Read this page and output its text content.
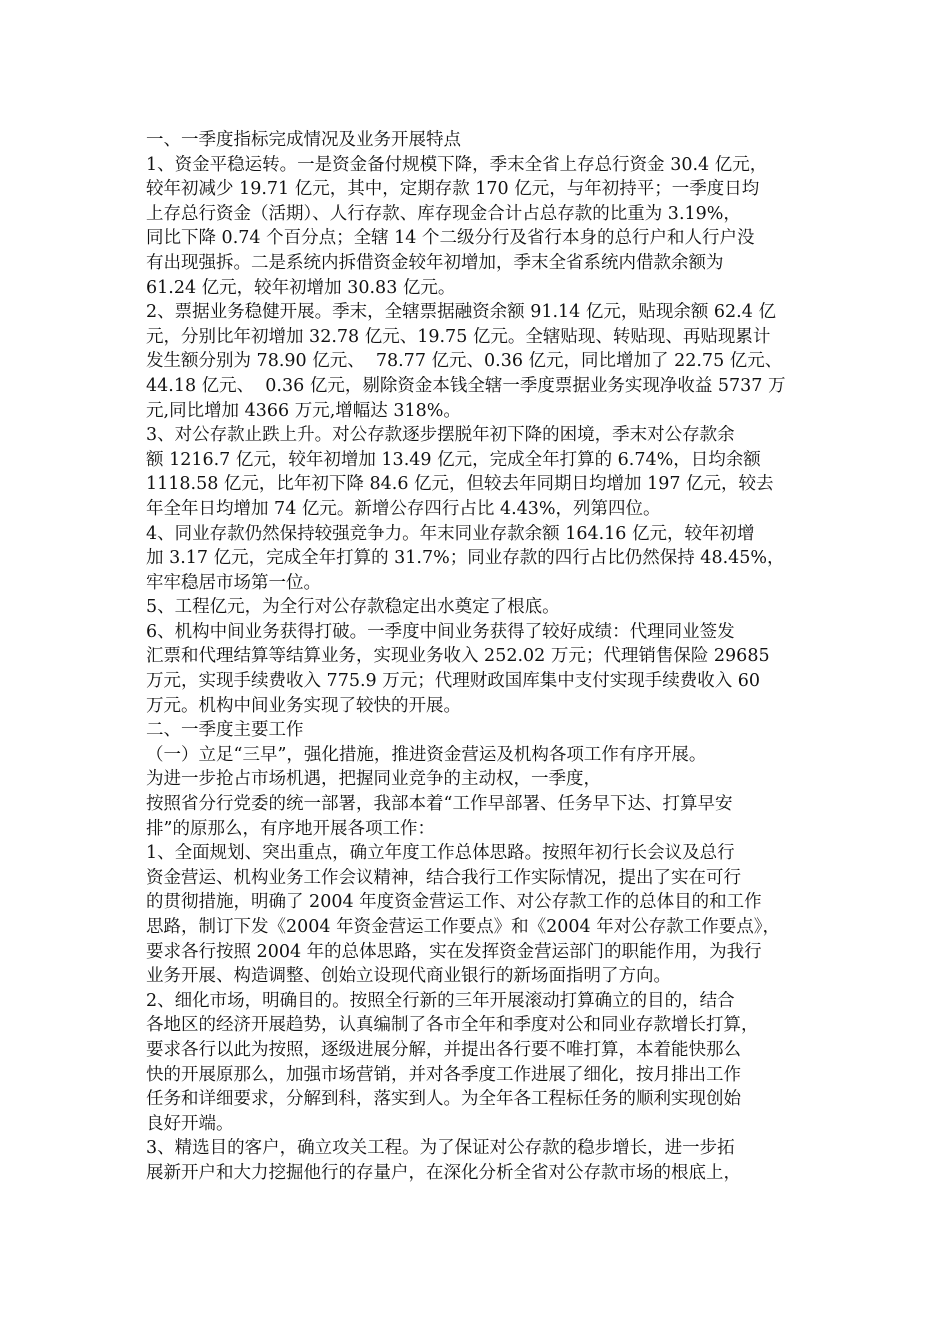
一、一季度指标完成情况及业务开展特点
1、资金平稳运转。一是资金备付规模下降，季末全省上存总行资金 30.4 亿元，
较年初减少 19.71 亿元，其中，定期存款 170 亿元，与年初持平；一季度日均
上存总行资金（活期）、人行存款、库存现金合计占总存款的比重为 3.19%，
同比下降 0.74 个百分点；全辖 14 个二级分行及省行本身的总行户和人行户没
有出现强拆。二是系统内拆借资金较年初增加，季末全省系统内借款余额为
61.24 亿元，较年初增加 30.83 亿元。
2、票据业务稳健开展。季末，全辖票据融资余额 91.14 亿元，贴现余额 62.4 亿
元，分别比年初增加 32.78 亿元、19.75 亿元。全辖贴现、转贴现、再贴现累计
发生额分别为 78.90 亿元、  78.77 亿元、0.36 亿元，同比增加了 22.75 亿元、
44.18 亿元、  0.36 亿元，剔除资金本钱全辖一季度票据业务实现净收益 5737 万
元,同比增加 4366 万元,增幅达 318%。
3、对公存款止跌上升。对公存款逐步摆脱年初下降的困境，季末对公存款余
额 1216.7 亿元，较年初增加 13.49 亿元，完成全年打算的 6.74%，日均余额
1118.58 亿元，比年初下降 84.6 亿元，但较去年同期日均增加 197 亿元，较去
年全年日均增加 74 亿元。新增公存四行占比 4.43%，列第四位。
4、同业存款仍然保持较强竞争力。年末同业存款余额 164.16 亿元，较年初增
加 3.17 亿元，完成全年打算的 31.7%；同业存款的四行占比仍然保持 48.45%，
牢牢稳居市场第一位。
5、工程亿元，为全行对公存款稳定出水奠定了根底。
6、机构中间业务获得打破。一季度中间业务获得了较好成绩：代理同业签发
汇票和代理结算等结算业务，实现业务收入 252.02 万元；代理销售保险 29685
万元，实现手续费收入 775.9 万元；代理财政国库集中支付实现手续费收入 60
万元。机构中间业务实现了较快的开展。
二、一季度主要工作
（一）立足“三早”，强化措施，推进资金营运及机构各项工作有序开展。
为进一步抢占市场机遇，把握同业竞争的主动权，一季度，
按照省分行党委的统一部署，我部本着“工作早部署、任务早下达、打算早安
排”的原那么，有序地开展各项工作：
1、全面规划、突出重点，确立年度工作总体思路。按照年初行长会议及总行
资金营运、机构业务工作会议精神，结合我行工作实际情况，提出了实在可行
的贯彻措施，明确了 2004 年度资金营运工作、对公存款工作的总体目的和工作
思路，制订下发《2004 年资金营运工作要点》和《2004 年对公存款工作要点》，
要求各行按照 2004 年的总体思路，实在发挥资金营运部门的职能作用，为我行
业务开展、构造调整、创始立设现代商业银行的新场面指明了方向。
2、细化市场，明确目的。按照全行新的三年开展滚动打算确立的目的，结合
各地区的经济开展趋势，认真编制了各市全年和季度对公和同业存款增长打算，
要求各行以此为按照，逐级进展分解，并提出各行要不唯打算，本着能快那么
快的开展原那么，加强市场营销，并对各季度工作进展了细化，按月排出工作
任务和详细要求，分解到科，落实到人。为全年各工程标任务的顺利实现创始
良好开端。
3、精选目的客户，确立攻关工程。为了保证对公存款的稳步增长，进一步拓
展新开户和大力挖掘他行的存量户，在深化分析全省对公存款市场的根底上，
